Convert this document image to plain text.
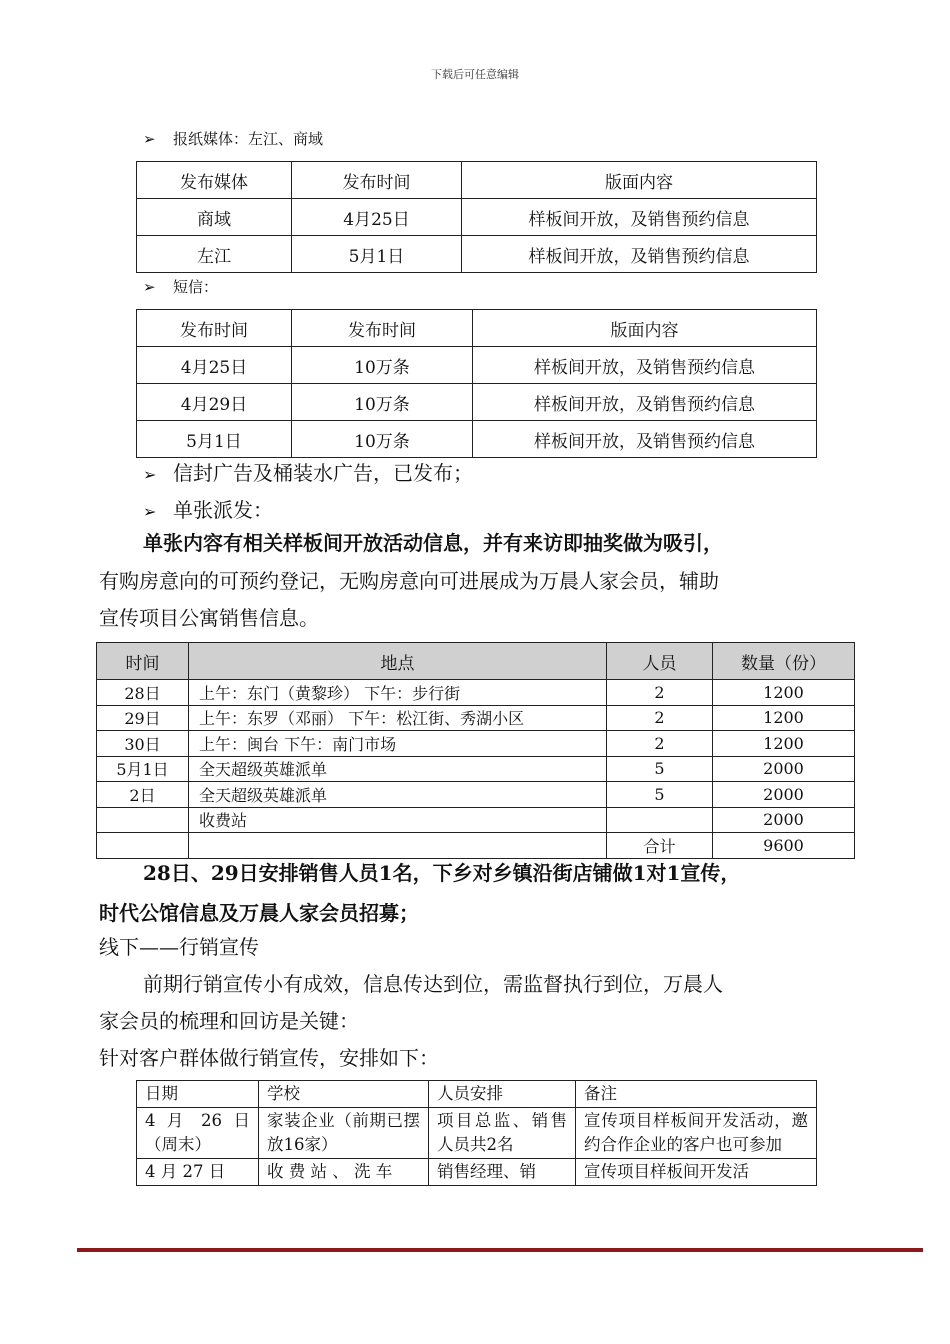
下载后可任意编辑
➢ 报纸媒体：左江、商域
发布媒体	发布时间	版面内容
商域	4月25日	样板间开放，及销售预约信息
左江	5月1日	样板间开放，及销售预约信息
➢ 短信：
发布时间	发布时间	版面内容
4月25日	10万条	样板间开放，及销售预约信息
4月29日	10万条	样板间开放，及销售预约信息
5月1日	10万条	样板间开放，及销售预约信息
➢ 信封广告及桶装水广告，已发布；
➢ 单张派发：
单张内容有相关样板间开放活动信息，并有来访即抽奖做为吸引，
有购房意向的可预约登记，无购房意向可进展成为万晨人家会员，辅助
宣传项目公寓销售信息。
时间	地点	人员	数量（份）
28日	上午：东门（黄黎珍） 下午：步行街	2	1200
29日	上午：东罗（邓丽） 下午：松江街、秀湖小区	2	1200
30日	上午：闽台 下午：南门市场	2	1200
5月1日	全天超级英雄派单	5	2000
2日	全天超级英雄派单	5	2000
	收费站		2000
		合计	9600
28日、29日安排销售人员1名，下乡对乡镇沿街店铺做1对1宣传，
时代公馆信息及万晨人家会员招募；
线下——行销宣传
前期行销宣传小有成效，信息传达到位，需监督执行到位，万晨人
家会员的梳理和回访是关键：
针对客户群体做行销宣传，安排如下：
日期	学校	人员安排	备注
4 月 26 日（周末）	家装企业（前期已摆放16家）	项目总监、销售人员共2名	宣传项目样板间开发活动，邀约合作企业的客户也可参加
4 月 27 日	收 费 站 、 洗 车	销售经理、销	宣传项目样板间开发活
